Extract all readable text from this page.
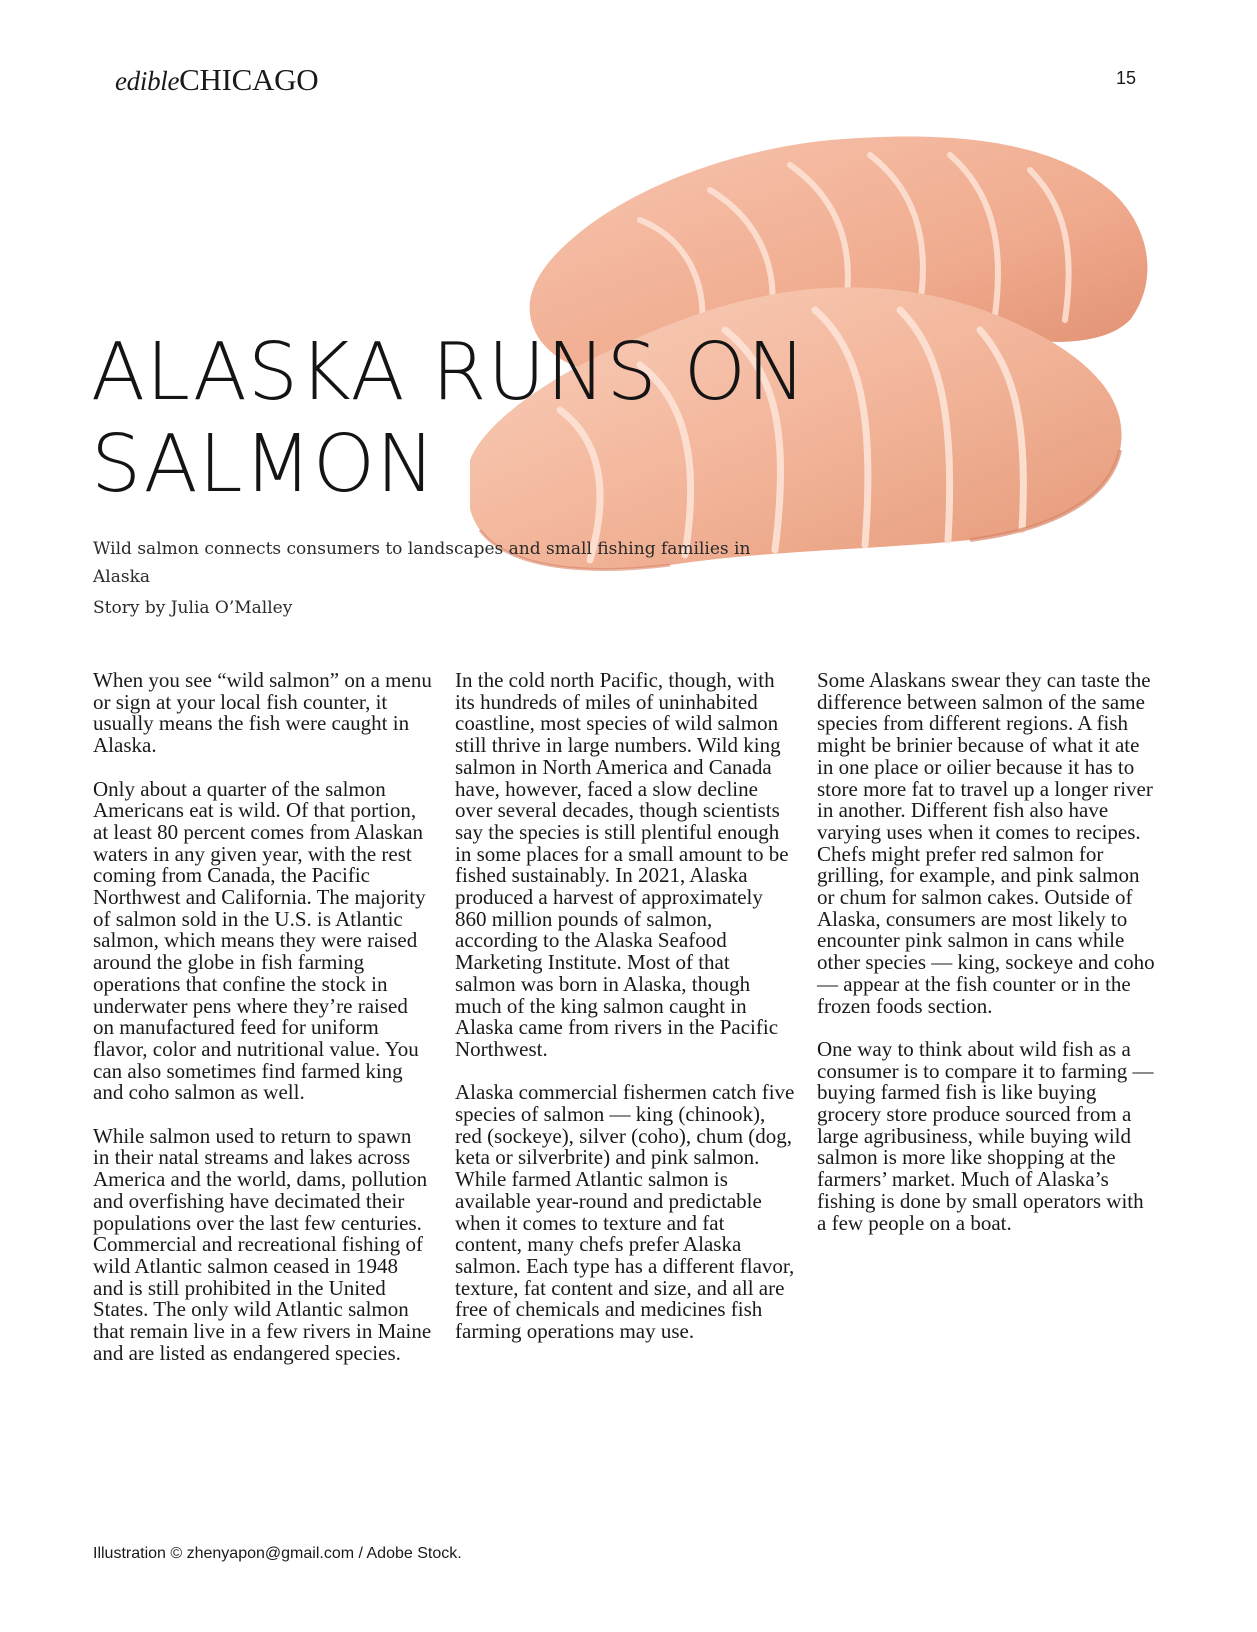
edibleCHICAGO	15
ALASKA RUNS ON
SALMON

Wild salmon connects consumers to landscapes and small fishing families in Alaska

Story by Julia O’Malley

When you see “wild salmon” on a menu or sign at your local fish counter, it usually means the fish were caught in Alaska.

Only about a quarter of the salmon Americans eat is wild. Of that portion, at least 80 percent comes from Alaskan waters in any given year, with the rest coming from Canada, the Pacific Northwest and California. The majority of salmon sold in the U.S. is Atlantic salmon, which means they were raised around the globe in fish farming operations that confine the stock in underwater pens where they’re raised on manufactured feed for uniform flavor, color and nutritional value. You can also sometimes find farmed king and coho salmon as well.

While salmon used to return to spawn in their natal streams and lakes across America and the world, dams, pollution and overfishing have decimated their populations over the last few centuries. Commercial and recreational fishing of wild Atlantic salmon ceased in 1948 and is still prohibited in the United States. The only wild Atlantic salmon that remain live in a few rivers in Maine and are listed as endangered species.

In the cold north Pacific, though, with its hundreds of miles of uninhabited coastline, most species of wild salmon still thrive in large numbers. Wild king salmon in North America and Canada have, however, faced a slow decline over several decades, though scientists say the species is still plentiful enough in some places for a small amount to be fished sustainably. In 2021, Alaska produced a harvest of approximately 860 million pounds of salmon, according to the Alaska Seafood Marketing Institute. Most of that salmon was born in Alaska, though much of the king salmon caught in Alaska came from rivers in the Pacific Northwest.

Alaska commercial fishermen catch five species of salmon — king (chinook), red (sockeye), silver (coho), chum (dog, keta or silverbrite) and pink salmon. While farmed Atlantic salmon is available year-round and predictable when it comes to texture and fat content, many chefs prefer Alaska salmon. Each type has a different flavor, texture, fat content and size, and all are free of chemicals and medicines fish farming operations may use.

Some Alaskans swear they can taste the difference between salmon of the same species from different regions. A fish might be brinier because of what it ate in one place or oilier because it has to store more fat to travel up a longer river in another. Different fish also have varying uses when it comes to recipes. Chefs might prefer red salmon for grilling, for example, and pink salmon or chum for salmon cakes. Outside of Alaska, consumers are most likely to encounter pink salmon in cans while other species — king, sockeye and coho — appear at the fish counter or in the frozen foods section.

One way to think about wild fish as a consumer is to compare it to farming — buying farmed fish is like buying grocery store produce sourced from a large agribusiness, while buying wild salmon is more like shopping at the farmers’ market. Much of Alaska’s fishing is done by small operators with a few people on a boat.

Illustration © zhenyapon@gmail.com / Adobe Stock.
